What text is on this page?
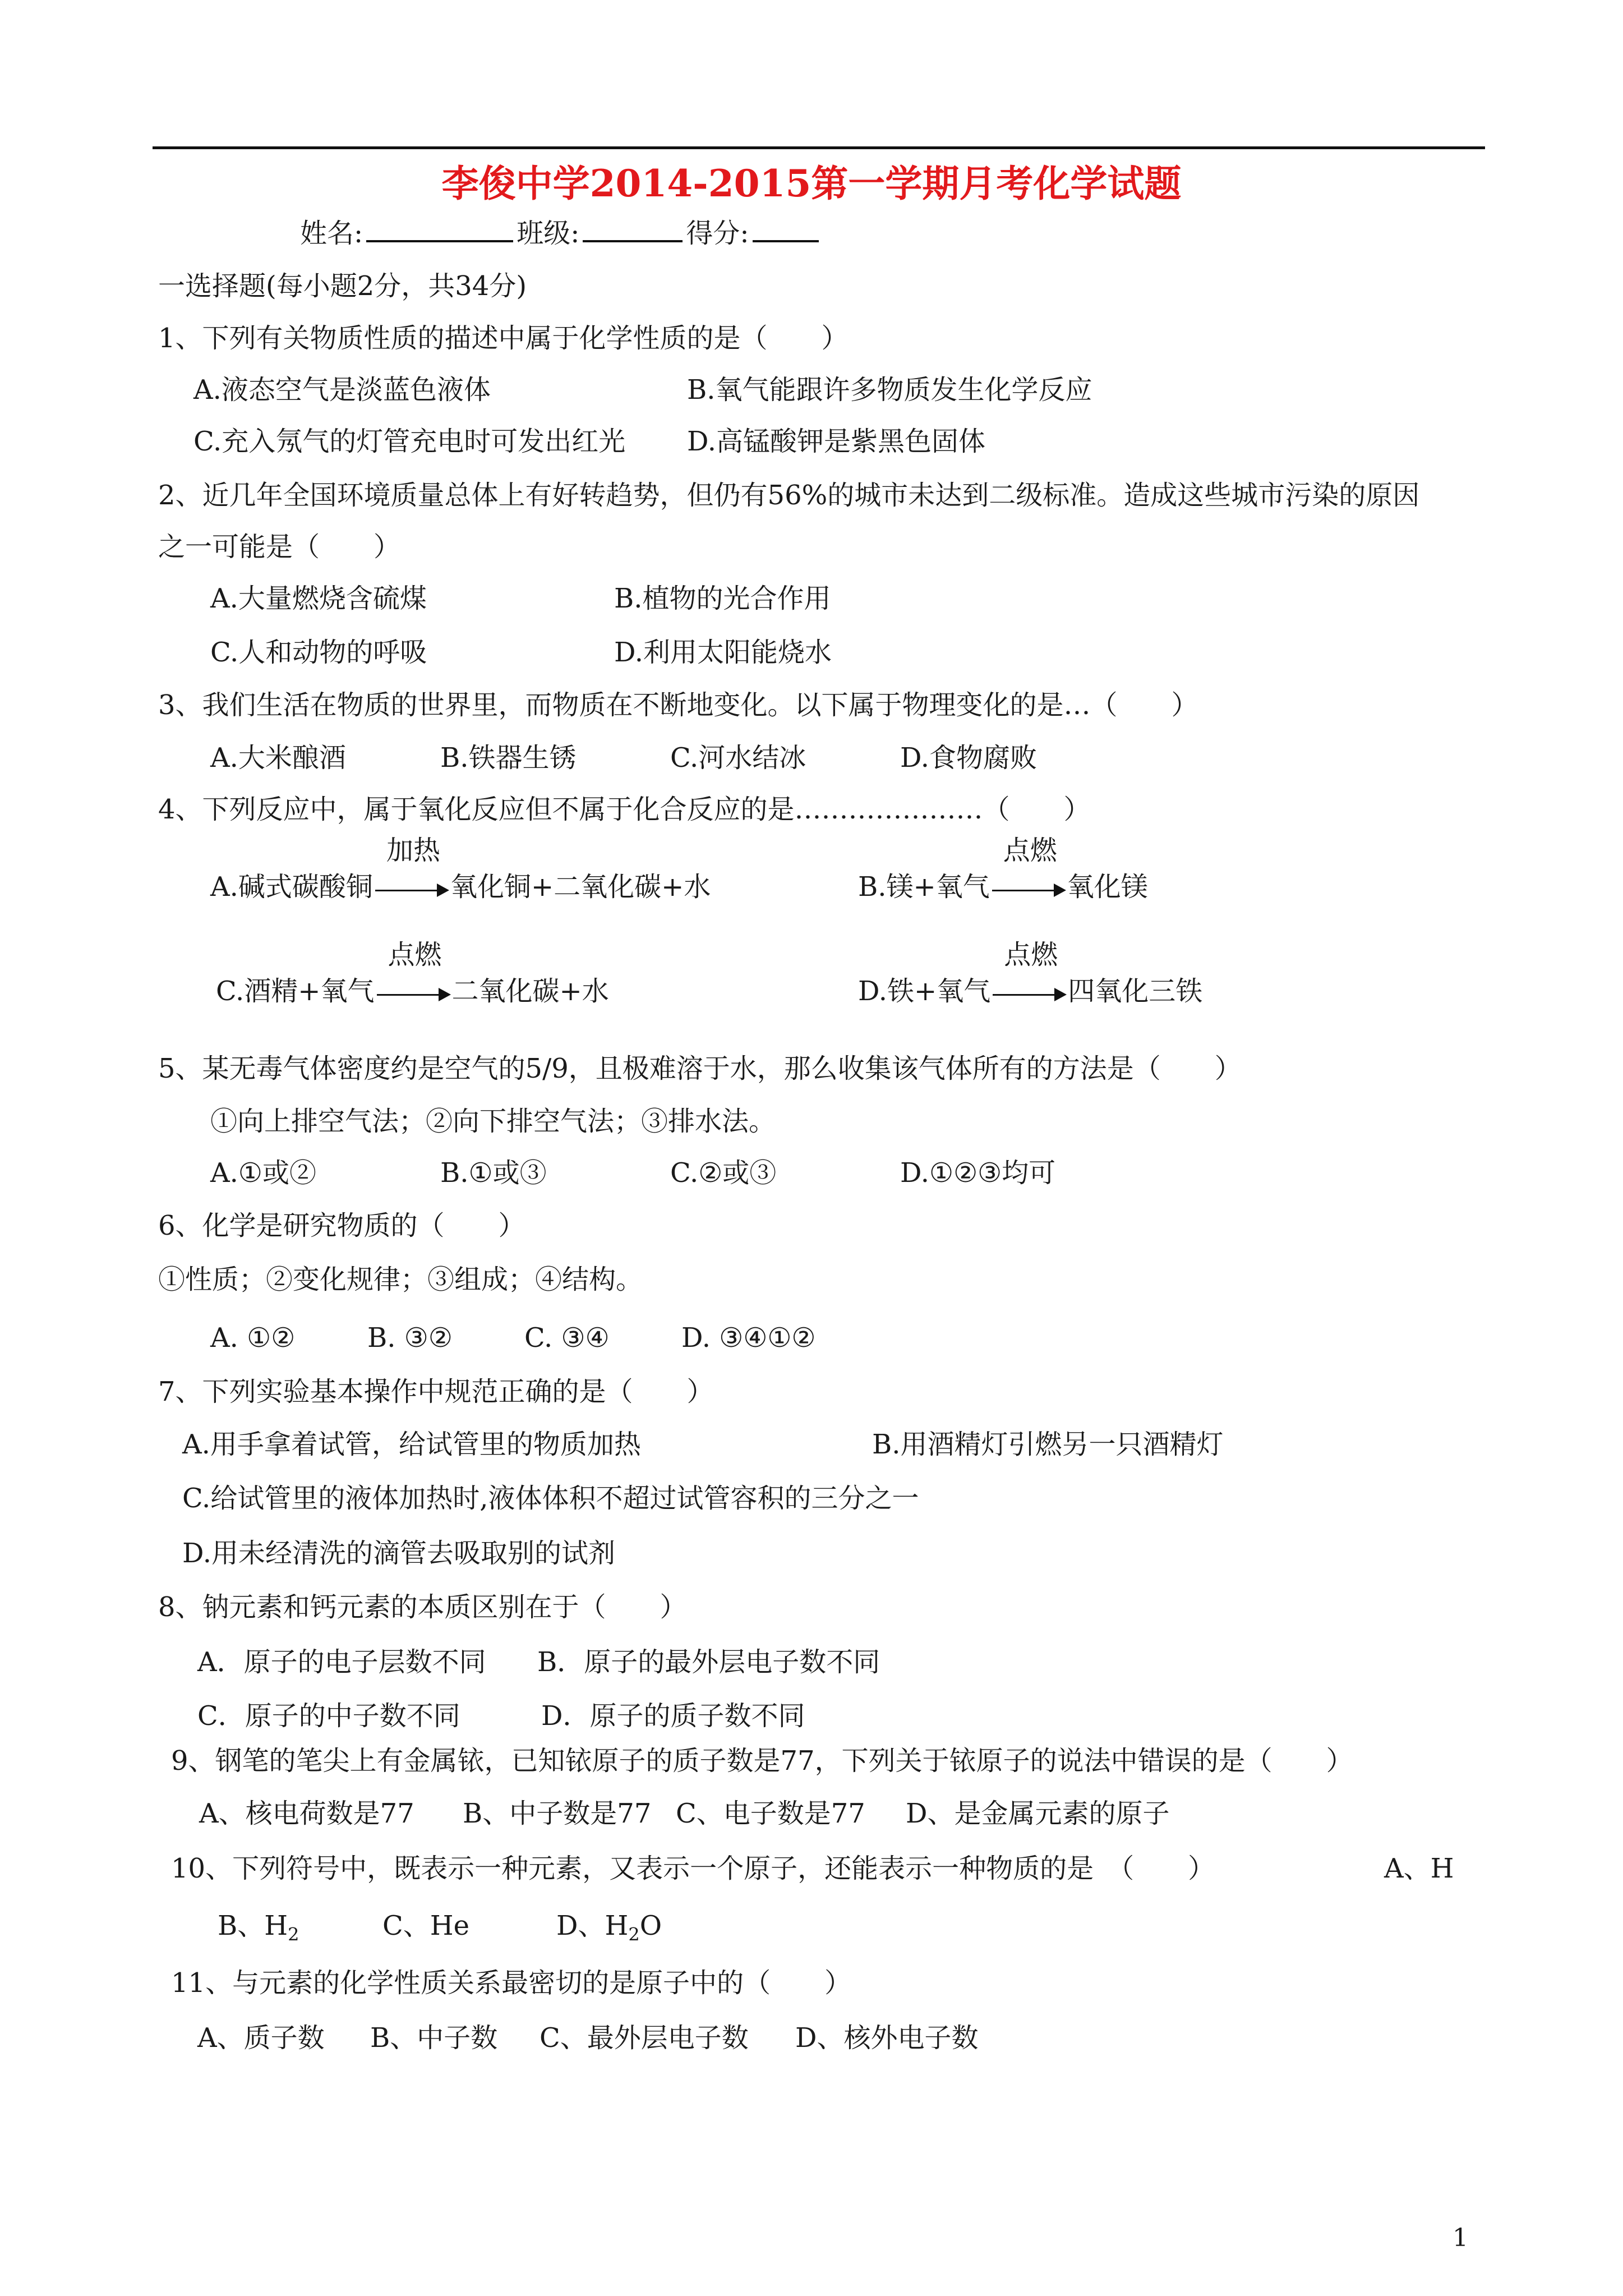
李俊中学2014-2015第一学期月考化学试题
姓名:	班级:	得分:
一选择题(每小题2分，共34分)
1、下列有关物质性质的描述中属于化学性质的是（　　）
A.液态空气是淡蓝色液体	B.氧气能跟许多物质发生化学反应
C.充入氖气的灯管充电时可发出红光 D.高锰酸钾是紫黑色固体
2、近几年全国环境质量总体上有好转趋势，但仍有56%的城市未达到二级标准。造成这些城市污染的原因
之一可能是（　　）
A.大量燃烧含硫煤	B.植物的光合作用
C.人和动物的呼吸	D.利用太阳能烧水
3、我们生活在物质的世界里，而物质在不断地变化。以下属于物理变化的是…（　　）
A.大米酿酒	B.铁器生锈	C.河水结冰	D.食物腐败
4、下列反应中，属于氧化反应但不属于化合反应的是…………………（　　）
A.碱式碳酸铜
加热
氧化铜+二氧化碳+水	B.镁+氧气
点燃
氧化镁
C.酒精+氧气
点燃
二氧化碳+水	D.铁+氧气
点燃
四氧化三铁
5、某无毒气体密度约是空气的5/9，且极难溶于水，那么收集该气体所有的方法是（　　）
①向上排空气法；②向下排空气法；③排水法。
A.①或②	B.①或③	C.②或③	D.①②③均可
6、化学是研究物质的（　　）
①性质；②变化规律；③组成；④结构。
A. ①②	B. ③②	C. ③④	D. ③④①②
7、下列实验基本操作中规范正确的是（　　）
A.用手拿着试管，给试管里的物质加热	B.用酒精灯引燃另一只酒精灯
C.给试管里的液体加热时,液体体积不超过试管容积的三分之一
D.用未经清洗的滴管去吸取别的试剂
8、钠元素和钙元素的本质区别在于（　　）
A．原子的电子层数不同 B．原子的最外层电子数不同
C．原子的中子数不同	D．原子的质子数不同
9、钢笔的笔尖上有金属铱，已知铱原子的质子数是77，下列关于铱原子的说法中错误的是（　　）
A、核电荷数是77 B、中子数是77 C、电子数是77 D、是金属元素的原子
10、下列符号中，既表示一种元素，又表示一个原子，还能表示一种物质的是　（　　）	A、H
B、$H_2$	C、He	D、$H_2O$
11、与元素的化学性质关系最密切的是原子中的（　　）
A、质子数 B、中子数 C、最外层电子数 D、核外电子数
1
